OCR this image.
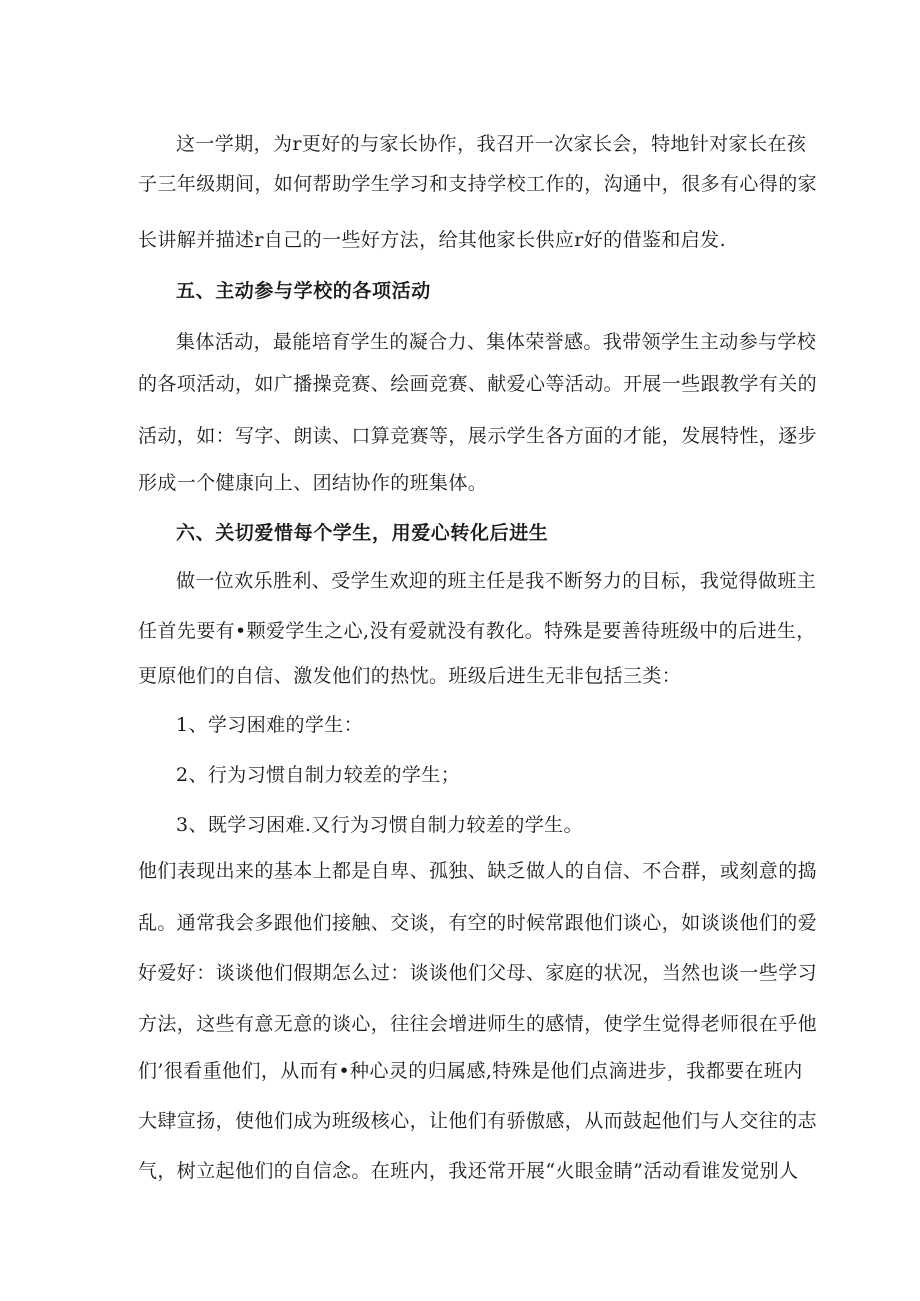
这一学期，为r更好的与家长协作，我召开一次家长会，特地针对家长在孩
子三年级期间，如何帮助学生学习和支持学校工作的，沟通中，很多有心得的家
长讲解并描述r自己的一些好方法，给其他家长供应r好的借鉴和启发.
五、主动参与学校的各项活动
集体活动，最能培育学生的凝合力、集体荣誉感。我带领学生主动参与学校
的各项活动，如广播操竞赛、绘画竞赛、献爱心等活动。开展一些跟教学有关的
活动，如：写字、朗读、口算竞赛等，展示学生各方面的才能，发展特性，逐步
形成一个健康向上、团结协作的班集体。
六、关切爱惜每个学生，用爱心转化后进生
做一位欢乐胜利、受学生欢迎的班主任是我不断努力的目标，我觉得做班主
任首先要有•颗爱学生之心,没有爱就没有教化。特殊是要善待班级中的后进生，
更原他们的自信、激发他们的热忱。班级后进生无非包括三类：
1、学习困难的学生：
2、行为习惯自制力较差的学生；
3、既学习困难.又行为习惯自制力较差的学生。
他们表现出来的基本上都是自卑、孤独、缺乏做人的自信、不合群，或刻意的捣
乱。通常我会多跟他们接触、交谈，有空的时候常跟他们谈心，如谈谈他们的爱
好爱好：谈谈他们假期怎么过：谈谈他们父母、家庭的状况，当然也谈一些学习
方法，这些有意无意的谈心，往往会增进师生的感情，使学生觉得老师很在乎他
们’很看重他们，从而有•种心灵的归属感,特殊是他们点滴进步，我都要在班内
大肆宣扬，使他们成为班级核心，让他们有骄傲感，从而鼓起他们与人交往的志
气，树立起他们的自信念。在班内，我还常开展“火眼金睛”活动看谁发觉别人
